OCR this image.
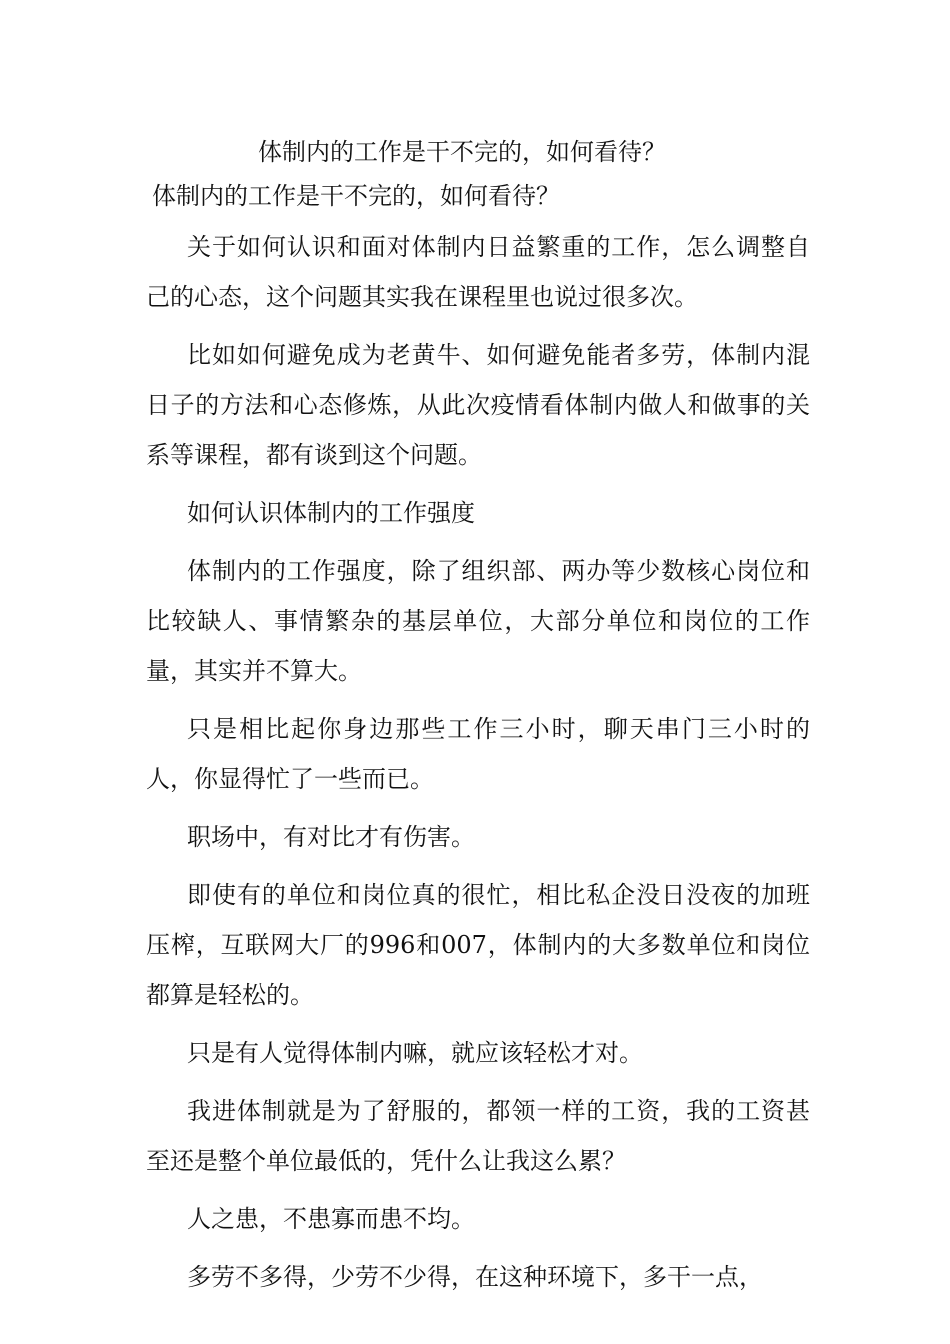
体制内的工作是干不完的，如何看待？
体制内的工作是干不完的，如何看待？

关于如何认识和面对体制内日益繁重的工作，怎么调整自己的心态，这个问题其实我在课程里也说过很多次。

比如如何避免成为老黄牛、如何避免能者多劳，体制内混日子的方法和心态修炼，从此次疫情看体制内做人和做事的关系等课程，都有谈到这个问题。

如何认识体制内的工作强度

体制内的工作强度，除了组织部、两办等少数核心岗位和比较缺人、事情繁杂的基层单位，大部分单位和岗位的工作量，其实并不算大。

只是相比起你身边那些工作三小时，聊天串门三小时的人，你显得忙了一些而已。

职场中，有对比才有伤害。

即使有的单位和岗位真的很忙，相比私企没日没夜的加班压榨，互联网大厂的996和007，体制内的大多数单位和岗位都算是轻松的。

只是有人觉得体制内嘛，就应该轻松才对。

我进体制就是为了舒服的，都领一样的工资，我的工资甚至还是整个单位最低的，凭什么让我这么累？

人之患，不患寡而患不均。

多劳不多得，少劳不少得，在这种环境下，多干一点，
